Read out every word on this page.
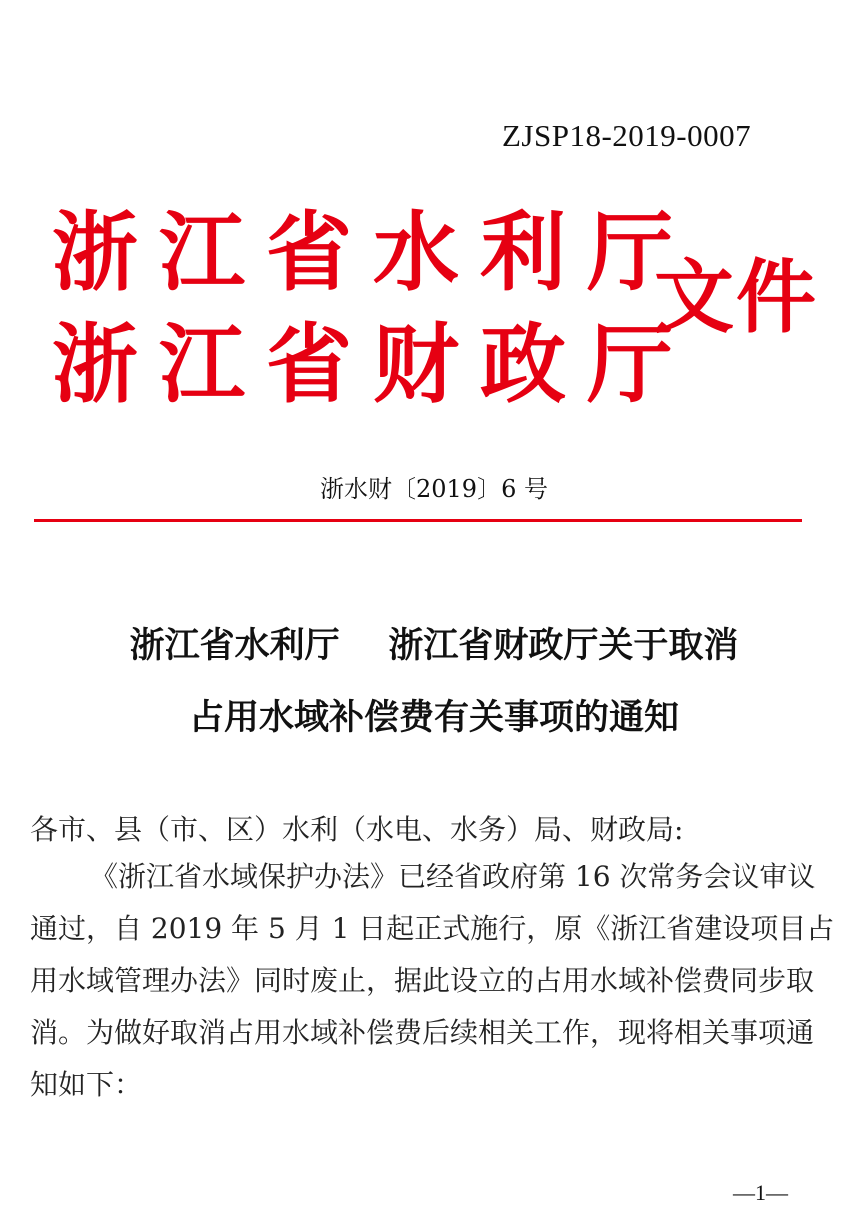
ZJSP18-2019-0007
浙江省水利厅
浙江省财政厅
文件
浙水财〔2019〕6 号
浙江省水利厅    浙江省财政厅关于取消
占用水域补偿费有关事项的通知
各市、县（市、区）水利（水电、水务）局、财政局:
《浙江省水域保护办法》已经省政府第 16 次常务会议审议
通过，自 2019 年 5 月 1 日起正式施行，原《浙江省建设项目占
用水域管理办法》同时废止，据此设立的占用水域补偿费同步取
消。为做好取消占用水域补偿费后续相关工作，现将相关事项通
知如下：
—1—
